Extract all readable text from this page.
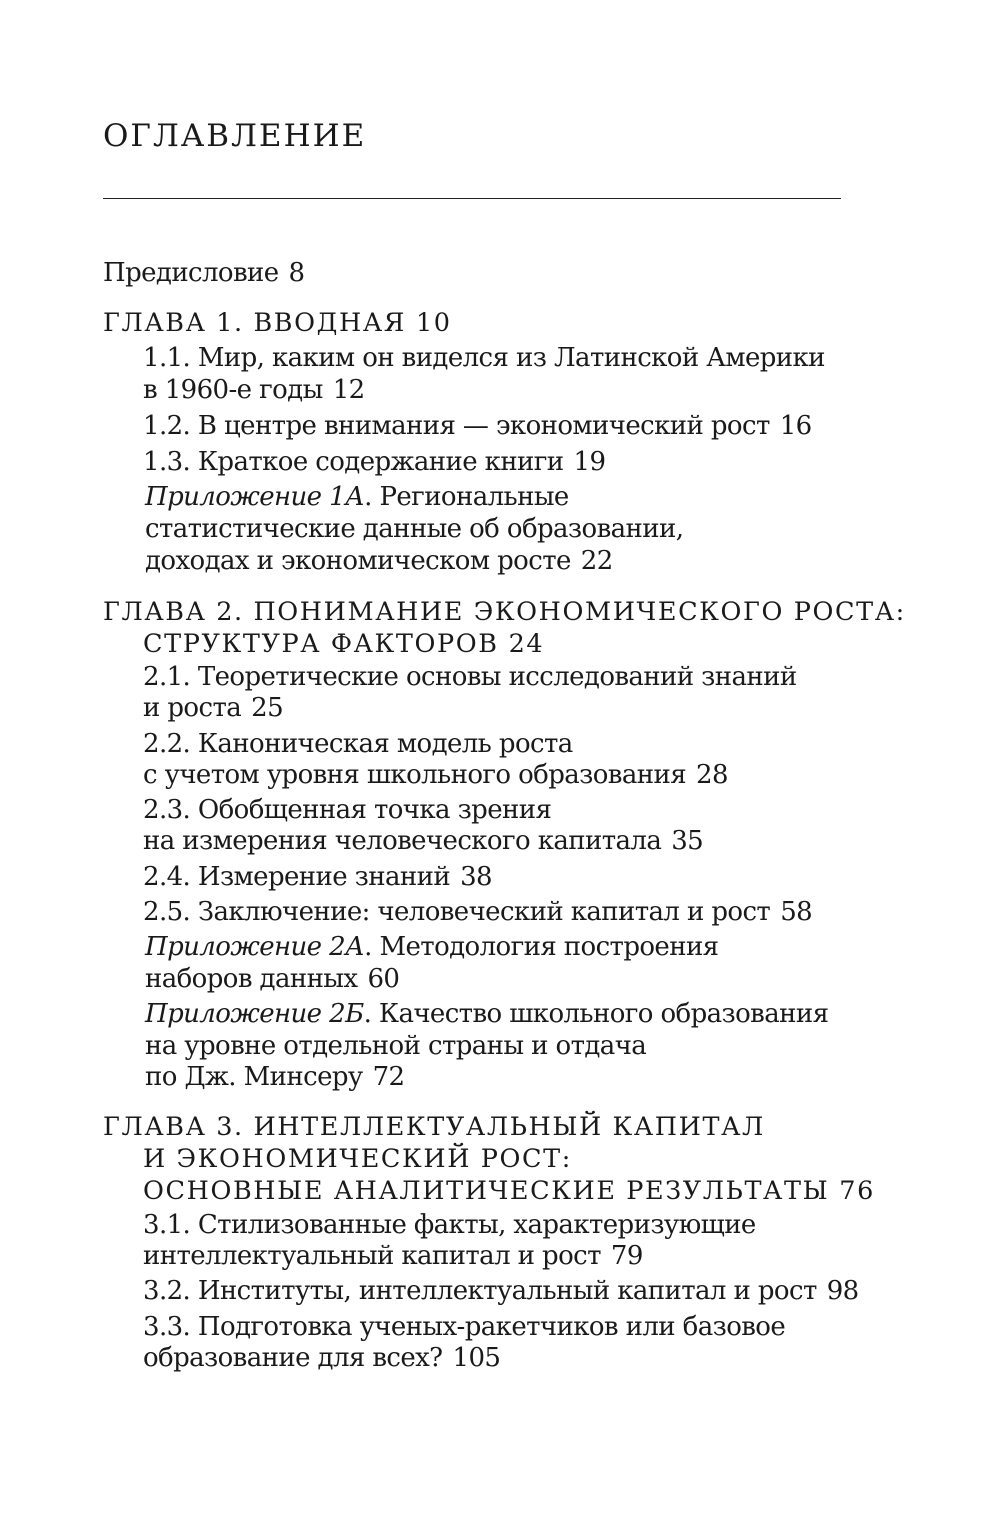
ОГЛАВЛЕНИЕ
Предисловие 8
ГЛАВА 1. ВВОДНАЯ 10
1.1. Мир, каким он виделся из Латинской Америки
в 1960-е годы 12
1.2. В центре внимания — экономический рост 16
1.3. Краткое содержание книги 19
Приложение 1А. Региональные
статистические данные об образовании,
доходах и экономическом росте 22
ГЛАВА 2. ПОНИМАНИЕ ЭКОНОМИЧЕСКОГО РОСТА:
СТРУКТУРА ФАКТОРОВ 24
2.1. Теоретические основы исследований знаний
и роста 25
2.2. Каноническая модель роста
с учетом уровня школьного образования 28
2.3. Обобщенная точка зрения
на измерения человеческого капитала 35
2.4. Измерение знаний 38
2.5. Заключение: человеческий капитал и рост 58
Приложение 2А. Методология построения
наборов данных 60
Приложение 2Б. Качество школьного образования
на уровне отдельной страны и отдача
по Дж. Минсеру 72
ГЛАВА 3. ИНТЕЛЛЕКТУАЛЬНЫЙ КАПИТАЛ
И ЭКОНОМИЧЕСКИЙ РОСТ:
ОСНОВНЫЕ АНАЛИТИЧЕСКИЕ РЕЗУЛЬТАТЫ 76
3.1. Стилизованные факты, характеризующие
интеллектуальный капитал и рост 79
3.2. Институты, интеллектуальный капитал и рост 98
3.3. Подготовка ученых-ракетчиков или базовое
образование для всех? 105
